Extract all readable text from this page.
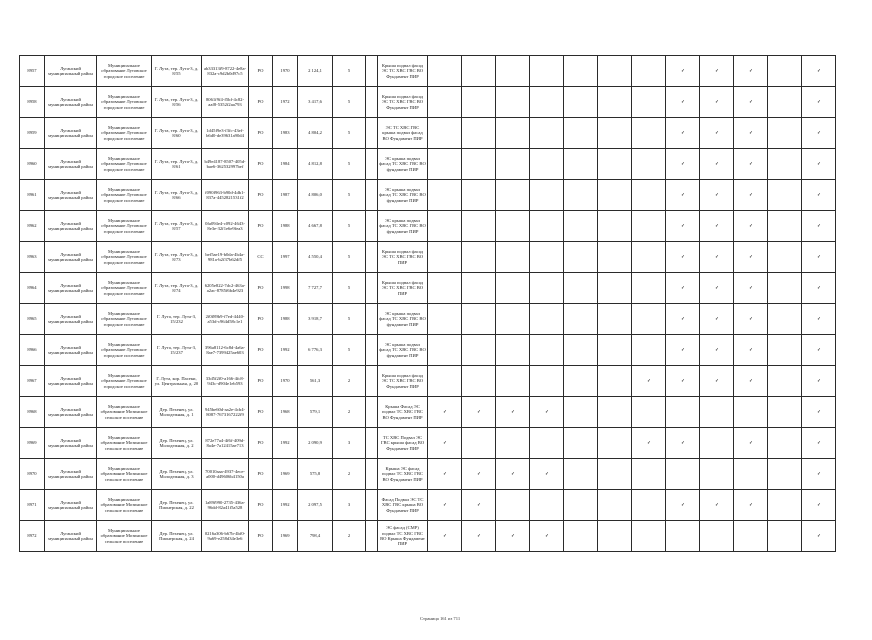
8957	Луганский муниципальный район	Муниципальное образование Лутовское городское поселение	Г. Лута, тер. Лута-3, д. 8/55	ab33313f9-8722-4e8a-832a-c9d2b0d97c5	РО	1970	2 124,1	5		Крыша подвал фасад ЭС ТС ХВС ГВС ВО Фундамент ПИР								✓	✓	✓		✓
8958	Луганский муниципальный район	Муниципальное образование Лутовское городское поселение	Г. Лута, тер. Лута-3, д. 8/56	8061f9f4-f5bf-4c82-aaf8-5352f2aa793	РО	1972	3 417,6	5		Крыша подвал фасад ЭС ТС ХВС ГВС ВО Фундамент ПИР								✓	✓	✓		✓
8959	Луганский муниципальный район	Муниципальное образование Лутовское городское поселение	Г. Лута, тер. Лута-3, д. 8/60	1d45f9e3-f3fc-43ef-b6d0-de39631a90d4	РО	1983	4 804,2	5		ЭС ТС ХВС ГВС крыша подвал фасад ВО Фундамент ПИР								✓	✓	✓		✓
8960	Луганский муниципальный район	Муниципальное образование Лутовское городское поселение	Г. Лута, тер. Лута-3, д. 8/61	b49e4187-8507-405d-bae6-362532997bef	РО	1984	4 812,8	5		ЭС крыша подвал фасад ТС ХВС ГВС ВО фундамент ПИР								✓	✓	✓		✓
8961	Луганский муниципальный район	Муниципальное образование Лутовское городское поселение	Г. Лута, тер. Лута-3, д. 8/66	f090f963-b90d-4db1-837a-4452821531f2	РО	1987	4 806,0	5		ЭС крыша подвал фасад ТС ХВС ГВС ВО фундамент ПИР								✓	✓	✓		✓
8962	Луганский муниципальный район	Муниципальное образование Лутовское городское поселение	Г. Лута, тер. Лута-3, д. 8/57	0fa094e4-c092-4643-8e3e-32f1e6e9fea3	РО	1988	4 667,8	5		ЭС крыша подвал фасад ТС ХВС ГВС ВО фундамент ПИР								✓	✓	✓		✓
8963	Луганский муниципальный район	Муниципальное образование Лутовское городское поселение	Г. Лута, тер. Лута-3, д. 8/73	bef5ae19-b0da-4b4a-981a-b2f37b62df5	СС	1997	4 550,4	5		Крыша подвал фасад ЭС ТС ХВС ГВС ВО ПИР								✓	✓	✓		✓
8964	Луганский муниципальный район	Муниципальное образование Лутовское городское поселение	Г. Лута, тер. Лута-3, д. 8/74	6205e822-7dc2-463a-a2ac-8785f6b4e923	РО	1998	7 727,7	5		Крыша подвал фасад ЭС ТС ХВС ГВС ВО ПИР								✓	✓	✓		✓
8965	Луганский муниципальный район	Муниципальное образование Лутовское городское поселение	Г. Лута, тер. Лута-3, 15/232	2f0f89b9-f7ed-4440-a53d-c964d58c1e1	РО	1988	3 918,7	5		ЭС крыша подвал фасад ТС ХВС ГВС ВО фундамент ПИР								✓	✓	✓		✓
8966	Луганский муниципальный район	Муниципальное образование Лутовское городское поселение	Г. Лута, тер. Лута-3, 15/237	396a8112-6c8d-4a6a-8ae7-7399425ae603	РО	1992	6 776,3	5		ЭС крыша подвал фасад ТС ХВС ГВС ВО фундамент ПИР								✓	✓	✓		✓
8967	Луганский муниципальный район	Муниципальное образование Лутовское городское поселение	Г. Лута, кор. Пасеки, ул. Центральная, д. 20	33d5f2f0-a166-4fc8-943c-d904e1eb593	РО	1970	561,3	2		Крыша подвал фасад ЭС ТС ХВС ГВС ВО Фундамент ПИР							✓	✓	✓	✓		✓
8968	Луганский муниципальный район	Муниципальное образование Мозинское сельское поселение	Дер. Пехенец, ул. Молодежная, д. 1	945be60d-aa2e-4cb4-8087-7673167222f9	РО	1968	579,1	2		Крыша Фасад ЭС подвал ТС ХВС ГВС ВО Фундамент ПИР	✓	✓	✓	✓								✓
8969	Луганский муниципальный район	Муниципальное образование Мозинское сельское поселение	Дер. Пехенец, ул. Молодежная, д. 2	872e77a4-4f6f-409d-8a4e-7a12415ae713	РО	1992	2 090,9	3		ТС ХВС Подвал ЭС ГВС крыша фасад ВО Фундамент ПИР	✓						✓	✓		✓		✓
8970	Луганский муниципальный район	Муниципальное образование Мозинское сельское поселение	Дер. Пехенец, ул. Молодежная, д. 3	70010aaa-4937-4ece-a000-d49606b4150a	РО	1969	575,8	2		Крыша ЭС фасад подвал ТС ХВС ГВС ВО Фундамент ПИР	✓	✓	✓	✓								✓
8971	Луганский муниципальный район	Муниципальное образование Мозинское сельское поселение	Дер. Пехенец, ул. Пионерская, д. 22	1a89f990-2735-436a-96dd-82a41f5a528	РО	1992	2 097,5	3		Фасад Подвал ЭС ТС ХВС ГВС крыша ВО Фундамент ПИР	✓	✓						✓	✓	✓		✓
8972	Луганский муниципальный район	Муниципальное образование Мозинское сельское поселение	Дер. Пехенец, ул. Пионерская, д. 24	0216a306-b67b-4bf0-9a69-e258d34e3e6	РО	1969	798,4	2		ЭС фасад (СМР) подвал ТС ХВС ГВС ВО Крыша Фундамент ПИР	✓	✓	✓	✓								✓
Страница 161 из 711
